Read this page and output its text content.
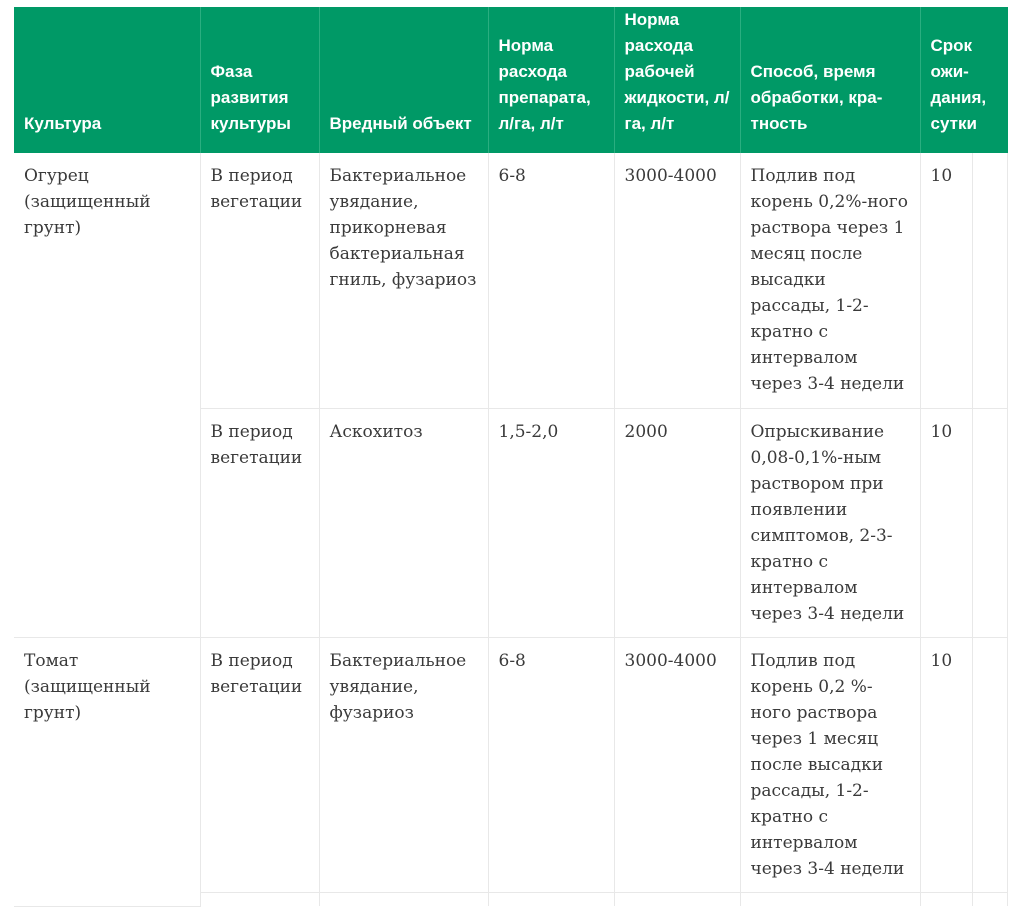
Культура	Фаза развития культуры	Вредный объект	Норма расхода препарата, л/га, л/т	Норма расхода рабочей жидкости, л/га, л/т	Способ, время обработки, кра-тность	Срок ожи-дания, сутки	
Огурец (защищенный грунт)	В период вегетации	Бактериальное увядание, прикорневая бактериальная гниль, фузариоз	6-8	3000-4000	Подлив под корень 0,2%-ного раствора через 1 месяц после высадки рассады, 1-2-кратно с интервалом через 3-4 недели	10	
	В период вегетации	Аскохитоз	1,5-2,0	2000	Опрыскивание 0,08-0,1%-ным раствором при появлении симптомов, 2-3-кратно с интервалом через 3-4 недели	10	
Томат (защищенный грунт)	В период вегетации	Бактериальное увядание, фузариоз	6-8	3000-4000	Подлив под корень 0,2 %-ного раствора через 1 месяц после высадки рассады, 1-2-кратно с интервалом через 3-4 недели	10	
